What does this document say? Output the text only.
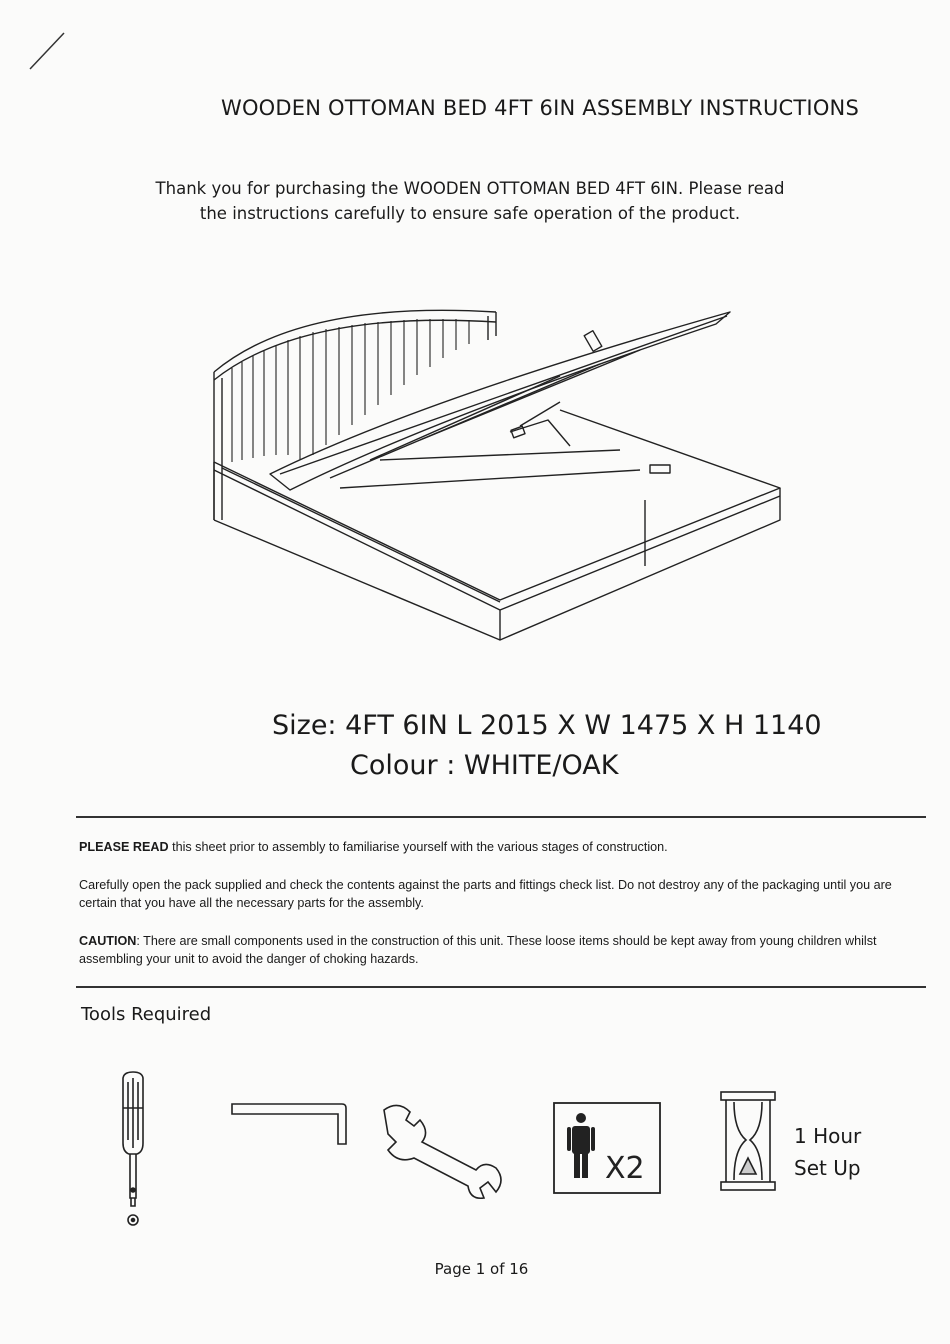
WOODEN OTTOMAN BED 4FT 6IN ASSEMBLY INSTRUCTIONS
Thank you for purchasing the WOODEN OTTOMAN BED 4FT 6IN. Please read
the instructions carefully to ensure safe operation of the product.
Size: 4FT 6IN L 2015 X W 1475 X H 1140
Colour : WHITE/OAK
PLEASE READ this sheet prior to assembly to familiarise yourself with the various stages of construction.
Carefully open the pack supplied and check the contents against the parts and fittings check list. Do not destroy any of the packaging until you are certain that you have all the necessary parts for the assembly.
CAUTION: There are small components used in the construction of this unit. These loose items should be kept away from young children whilst assembling your unit to avoid the danger of choking hazards.
Tools Required
X2
1 Hour
Set Up
Page 1 of 16
